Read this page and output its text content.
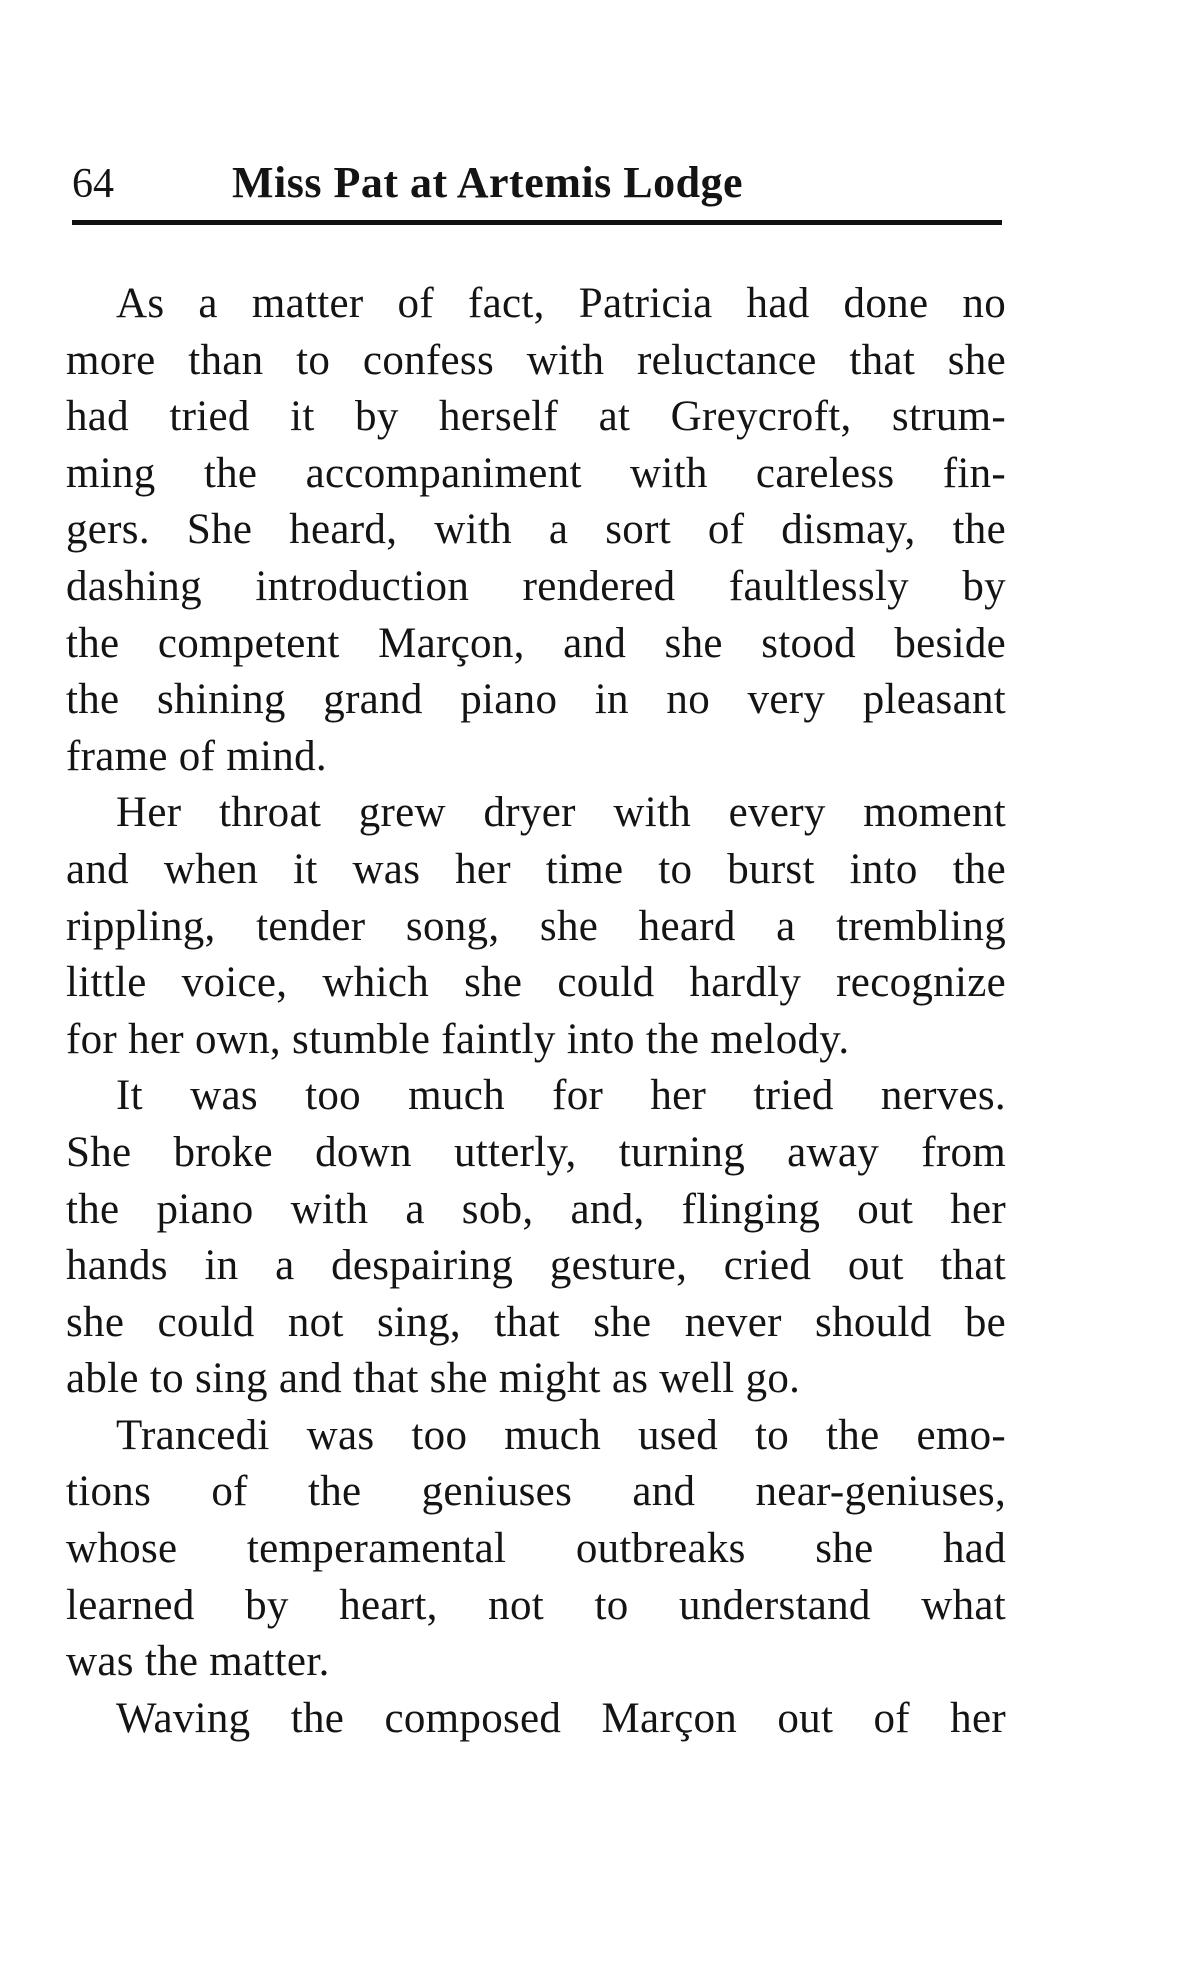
64	Miss Pat at Artemis Lodge
As a matter of fact, Patricia had done no
more than to confess with reluctance that she
had tried it by herself at Greycroft, strum-
ming the accompaniment with careless fin-
gers. She heard, with a sort of dismay, the
dashing introduction rendered faultlessly by
the competent Marçon, and she stood beside
the shining grand piano in no very pleasant
frame of mind.
Her throat grew dryer with every moment
and when it was her time to burst into the
rippling, tender song, she heard a trembling
little voice, which she could hardly recognize
for her own, stumble faintly into the melody.
It was too much for her tried nerves.
She broke down utterly, turning away from
the piano with a sob, and, flinging out her
hands in a despairing gesture, cried out that
she could not sing, that she never should be
able to sing and that she might as well go.
Trancedi was too much used to the emo-
tions of the geniuses and near-geniuses,
whose temperamental outbreaks she had
learned by heart, not to understand what
was the matter.
Waving the composed Marçon out of her
